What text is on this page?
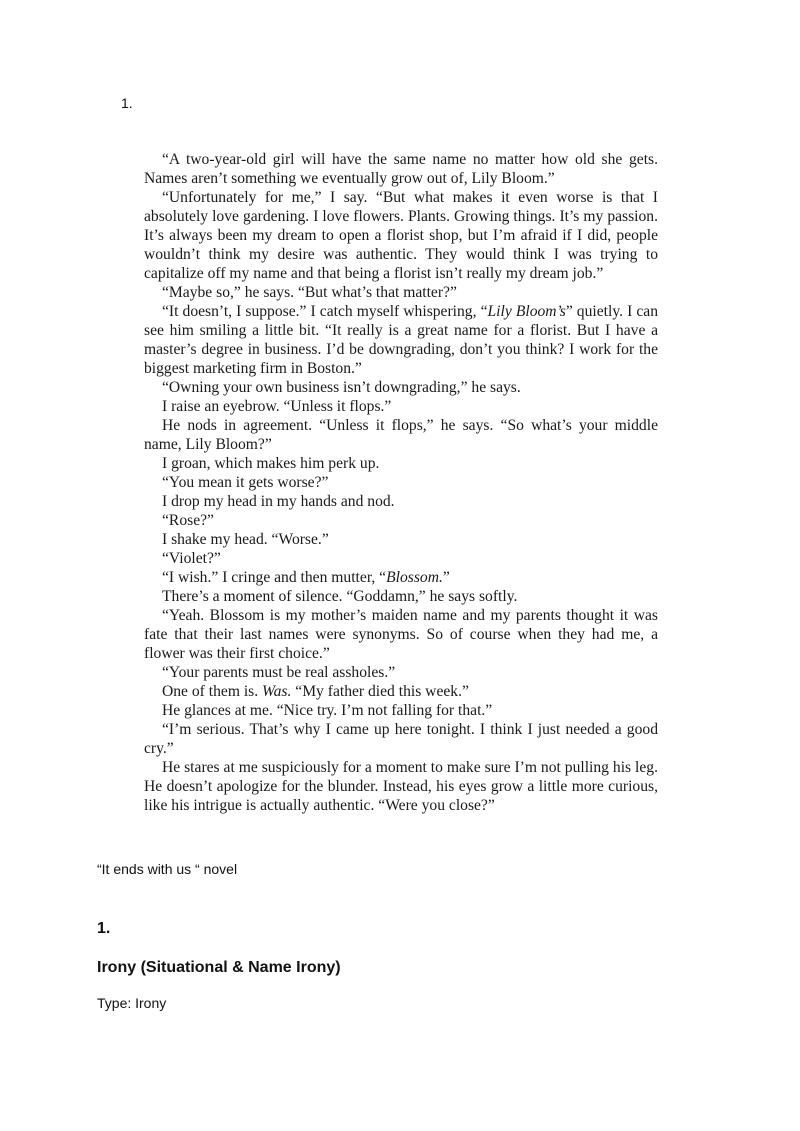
1.

“A two-year-old girl will have the same name no matter how old she gets. Names aren’t something we eventually grow out of, Lily Bloom.”

“Unfortunately for me,” I say. “But what makes it even worse is that I absolutely love gardening. I love flowers. Plants. Growing things. It’s my passion. It’s always been my dream to open a florist shop, but I’m afraid if I did, people wouldn’t think my desire was authentic. They would think I was trying to capitalize off my name and that being a florist isn’t really my dream job.”

“Maybe so,” he says. “But what’s that matter?”

“It doesn’t, I suppose.” I catch myself whispering, “Lily Bloom’s” quietly. I can see him smiling a little bit. “It really is a great name for a florist. But I have a master’s degree in business. I’d be downgrading, don’t you think? I work for the biggest marketing firm in Boston.”

“Owning your own business isn’t downgrading,” he says.

I raise an eyebrow. “Unless it flops.”

He nods in agreement. “Unless it flops,” he says. “So what’s your middle name, Lily Bloom?”

I groan, which makes him perk up.

“You mean it gets worse?”

I drop my head in my hands and nod.

“Rose?”

I shake my head. “Worse.”

“Violet?”

“I wish.” I cringe and then mutter, “Blossom.”

There’s a moment of silence. “Goddamn,” he says softly.

“Yeah. Blossom is my mother’s maiden name and my parents thought it was fate that their last names were synonyms. So of course when they had me, a flower was their first choice.”

“Your parents must be real assholes.”

One of them is. Was. “My father died this week.”

He glances at me. “Nice try. I’m not falling for that.”

“I’m serious. That’s why I came up here tonight. I think I just needed a good cry.”

He stares at me suspiciously for a moment to make sure I’m not pulling his leg. He doesn’t apologize for the blunder. Instead, his eyes grow a little more curious, like his intrigue is actually authentic. “Were you close?”

“It ends with us “ novel
1.
Irony (Situational & Name Irony)
Type: Irony
